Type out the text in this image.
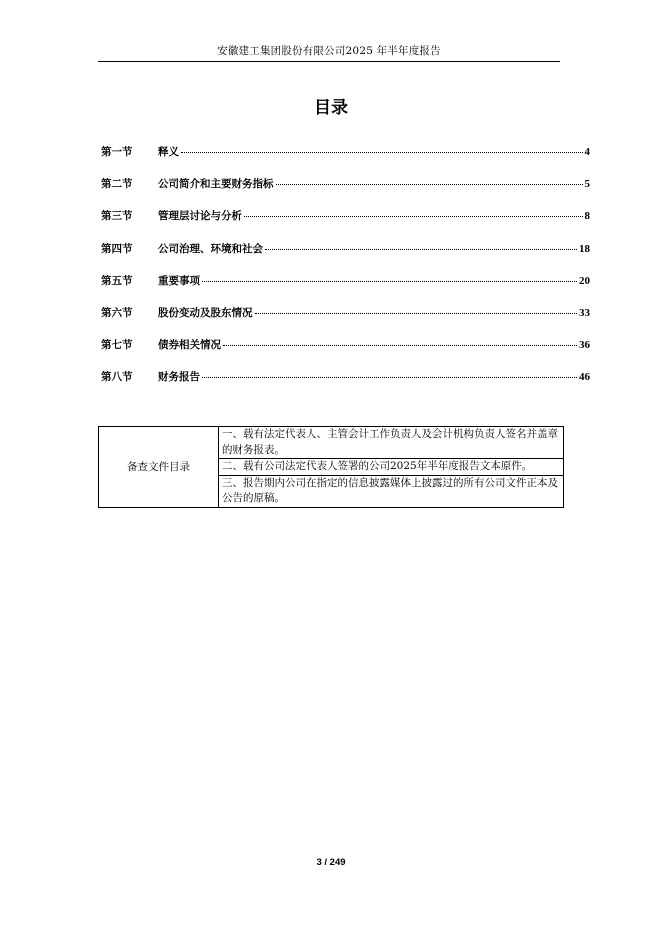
安徽建工集团股份有限公司2025 年半年度报告
目录
第一节	释义	4
第二节	公司简介和主要财务指标	5
第三节	管理层讨论与分析	8
第四节	公司治理、环境和社会	18
第五节	重要事项	20
第六节	股份变动及股东情况	33
第七节	债券相关情况	36
第八节	财务报告	46
备查文件目录	一、载有法定代表人、主管会计工作负责人及会计机构负责人签名并盖章的财务报表。
二、载有公司法定代表人签署的公司2025年半年度报告文本原件。
三、报告期内公司在指定的信息披露媒体上披露过的所有公司文件正本及公告的原稿。
3 / 249
